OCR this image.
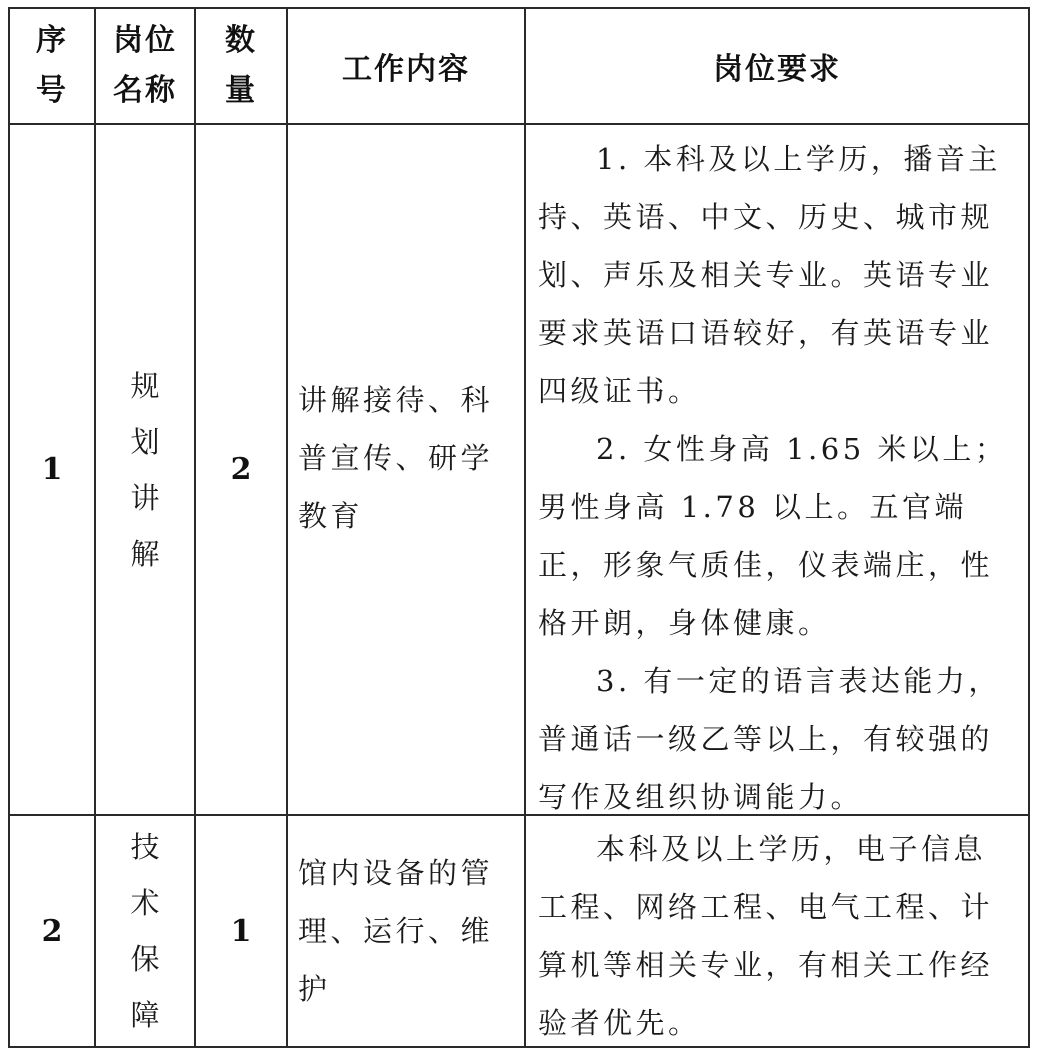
序号
岗位名称
数量
工作内容	岗位要求
1
规划讲解
2
讲解接待、科普宣传、研学教育

1. 本科及以上学历，播音主持、英语、中文、历史、城市规划、声乐及相关专业。英语专业要求英语口语较好，有英语专业四级证书。

2. 女性身高 1.65 米以上；男性身高 1.78 以上。五官端正，形象气质佳，仪表端庄，性格开朗，身体健康。

3. 有一定的语言表达能力，普通话一级乙等以上，有较强的写作及组织协调能力。

2
技术保障
1
馆内设备的管理、运行、维护

本科及以上学历，电子信息工程、网络工程、电气工程、计算机等相关专业，有相关工作经验者优先。
